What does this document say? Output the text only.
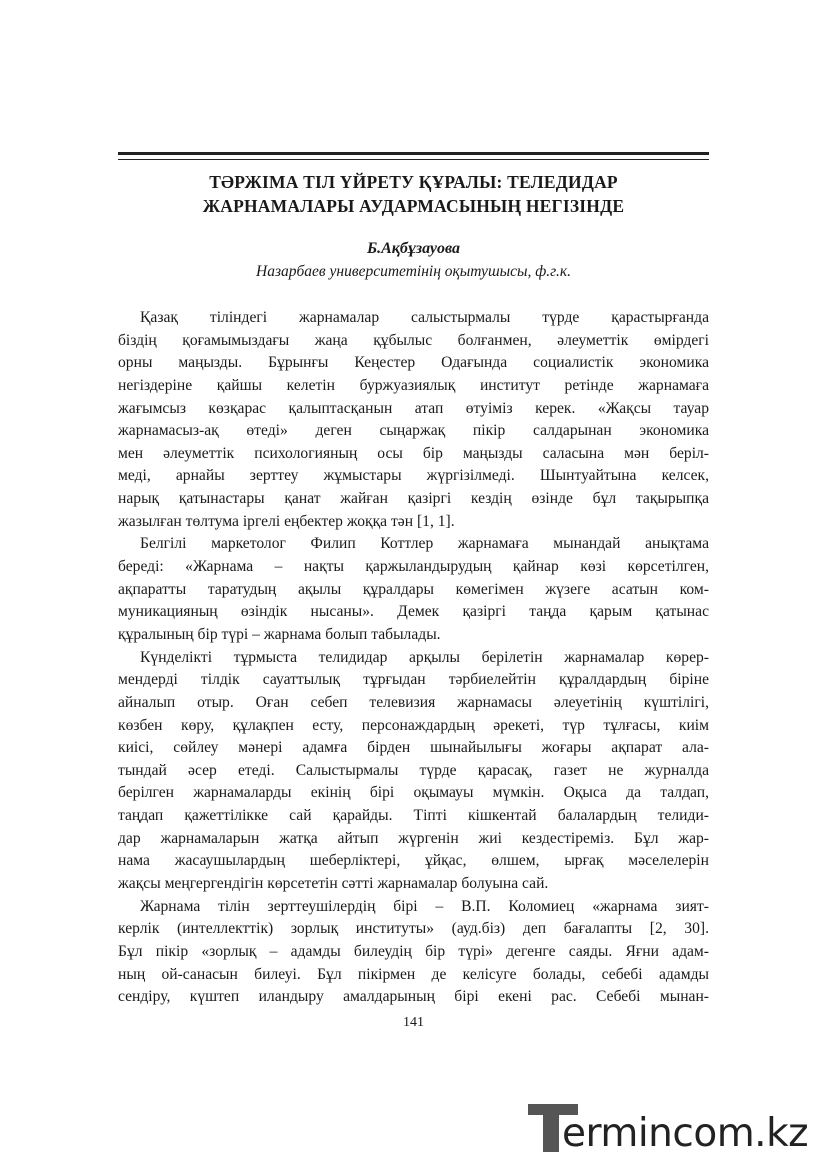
ТӘРЖІМА ТІЛ ҮЙРЕТУ ҚҰРАЛЫ: ТЕЛЕДИДАР
ЖАРНАМАЛАРЫ АУДАРМАСЫНЫҢ НЕГІЗІНДЕ
Б.Ақбұзауова
Назарбаев университетінің оқытушысы, ф.г.к.
Қазақ тіліндегі жарнамалар салыстырмалы түрде қарастырғанда
біздің қоғамымыздағы жаңа құбылыс болғанмен, әлеуметтік өмірдегі
орны маңызды. Бұрынғы Кеңестер Одағында социалистік экономика
негіздеріне қайшы келетін буржуазиялық институт ретінде жарнамаға
жағымсыз көзқарас қалыптасқанын атап өтуіміз керек. «Жақсы тауар
жарнамасыз-ақ өтеді» деген сыңаржақ пікір салдарынан экономика
мен әлеуметтік психологияның осы бір маңызды саласына мән беріл-
меді, арнайы зерттеу жұмыстары жүргізілмеді. Шынтуайтына келсек,
нарық қатынастары қанат жайған қазіргі кездің өзінде бұл тақырыпқа
жазылған төлтума іргелі еңбектер жоққа тән [1, 1].
Белгілі маркетолог Филип Коттлер жарнамаға мынандай анықтама
береді: «Жарнама – нақты қаржыландырудың қайнар көзі көрсетілген,
ақпаратты таратудың ақылы құралдары көмегімен жүзеге асатын ком-
муникацияның өзіндік нысаны». Демек қазіргі таңда қарым қатынас
құралының бір түрі – жарнама болып табылады.
Күнделікті тұрмыста телидидар арқылы берілетін жарнамалар көрер-
мендерді тілдік сауаттылық тұрғыдан тәрбиелейтін құралдардың біріне
айналып отыр. Оған себеп телевизия жарнамасы әлеуетінің күштілігі,
көзбен көру, құлақпен есту, персонаждардың әрекеті, түр тұлғасы, киім
киісі, сөйлеу мәнері адамға бірден шынайылығы жоғары ақпарат ала-
тындай әсер етеді. Салыстырмалы түрде қарасақ, газет не журналда
берілген жарнамаларды екінің бірі оқымауы мүмкін. Оқыса да талдап,
таңдап қажеттілікке сай қарайды. Тіпті кішкентай балалардың телиди-
дар жарнамаларын жатқа айтып жүргенін жиі кездестіреміз. Бұл жар-
нама жасаушылардың шеберліктері, ұйқас, өлшем, ырғақ мәселелерін
жақсы меңгергендігін көрсететін сәтті жарнамалар болуына сай.
Жарнама тілін зерттеушілердің бірі – В.П. Коломиец «жарнама зият-
керлік (интеллекттік) зорлық институты» (ауд.біз) деп бағалапты [2, 30].
Бұл пікір «зорлық – адамды билеудің бір түрі» дегенге саяды. Яғни адам-
ның ой-санасын билеуі. Бұл пікірмен де келісуге болады, себебі адамды
сендіру, күштеп иландыру амалдарының бірі екені рас. Себебі мынан-
141
ermincom.kz
